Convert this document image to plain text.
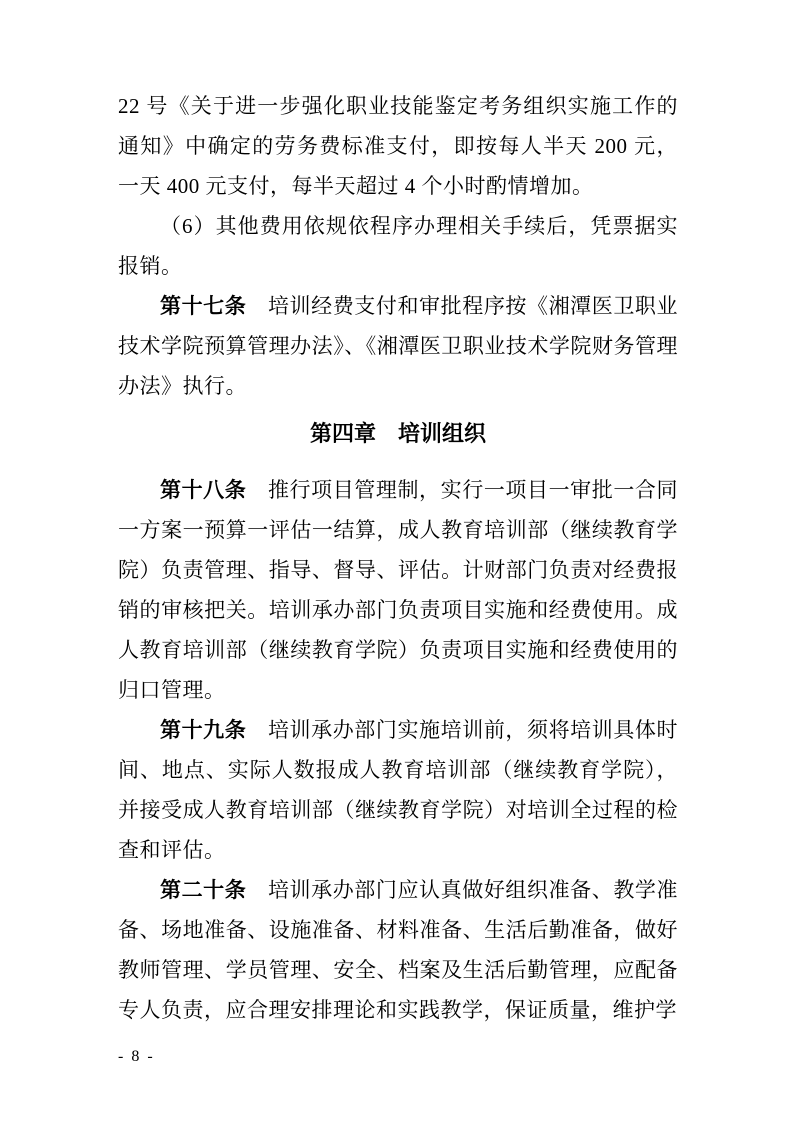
22 号《关于进一步强化职业技能鉴定考务组织实施工作的通知》中确定的劳务费标准支付，即按每人半天 200 元，一天 400 元支付，每半天超过 4 个小时酌情增加。

（6）其他费用依规依程序办理相关手续后，凭票据实报销。

第十七条　培训经费支付和审批程序按《湘潭医卫职业技术学院预算管理办法》、《湘潭医卫职业技术学院财务管理办法》执行。

第四章　培训组织

第十八条　推行项目管理制，实行一项目一审批一合同一方案一预算一评估一结算，成人教育培训部（继续教育学院）负责管理、指导、督导、评估。计财部门负责对经费报销的审核把关。培训承办部门负责项目实施和经费使用。成人教育培训部（继续教育学院）负责项目实施和经费使用的归口管理。

第十九条　培训承办部门实施培训前，须将培训具体时间、地点、实际人数报成人教育培训部（继续教育学院），并接受成人教育培训部（继续教育学院）对培训全过程的检查和评估。

第二十条　培训承办部门应认真做好组织准备、教学准备、场地准备、设施准备、材料准备、生活后勤准备，做好教师管理、学员管理、安全、档案及生活后勤管理，应配备专人负责，应合理安排理论和实践教学，保证质量，维护学

- 8 -
